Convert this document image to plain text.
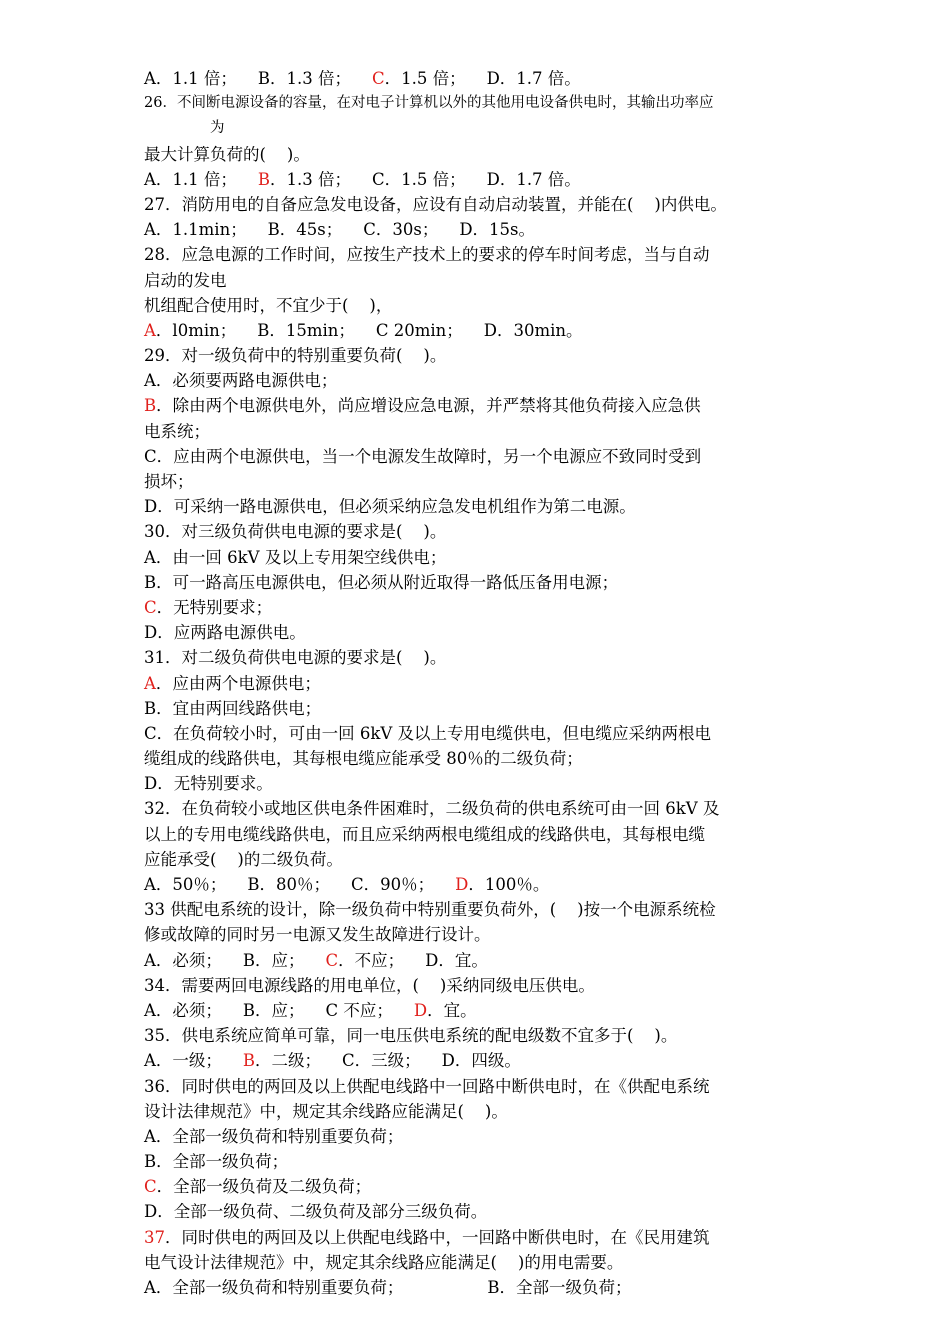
A．1.1 倍；    B．1.3 倍；    C．1.5 倍；    D．1.7 倍。
26．不间断电源设备的容量，在对电子计算机以外的其他用电设备供电时，其输出功率应
为
最大计算负荷的(    )。
A．1.1 倍；    B．1.3 倍；    C．1.5 倍；    D．1.7 倍。
27．消防用电的自备应急发电设备，应设有自动启动装置，并能在(    )内供电。
A．1.1min；    B．45s；    C．30s；    D．15s。
28．应急电源的工作时间，应按生产技术上的要求的停车时间考虑，当与自动
启动的发电
机组配合使用时，不宜少于(    )，
A．l0min；    B．15min；    C 20min；    D．30min。
29．对一级负荷中的特别重要负荷(    )。
A．必须要两路电源供电；
B．除由两个电源供电外，尚应增设应急电源，并严禁将其他负荷接入应急供
电系统；
C．应由两个电源供电，当一个电源发生故障时，另一个电源应不致同时受到
损坏；
D．可采纳一路电源供电，但必须采纳应急发电机组作为第二电源。
30．对三级负荷供电电源的要求是(    )。
A．由一回 6kV 及以上专用架空线供电；
B．可一路高压电源供电，但必须从附近取得一路低压备用电源；
C．无特别要求；
D．应两路电源供电。
31．对二级负荷供电电源的要求是(    )。
A．应由两个电源供电；
B．宜由两回线路供电；
C．在负荷较小时，可由一回 6kV 及以上专用电缆供电，但电缆应采纳两根电
缆组成的线路供电，其每根电缆应能承受 80％的二级负荷；
D．无特别要求。
32．在负荷较小或地区供电条件困难时，二级负荷的供电系统可由一回 6kV 及
以上的专用电缆线路供电，而且应采纳两根电缆组成的线路供电，其每根电缆
应能承受(    )的二级负荷。
A．50％；    B．80％；    C．90％；    D．100％。
33 供配电系统的设计，除一级负荷中特别重要负荷外，(    )按一个电源系统检
修或故障的同时另一电源又发生故障进行设计。
A．必须；    B．应；    C．不应；    D．宜。
34．需要两回电源线路的用电单位，(    )采纳同级电压供电。
A．必须；    B．应；    C 不应；    D．宜。
35．供电系统应简单可靠，同一电压供电系统的配电级数不宜多于(    )。
A．一级；    B．二级；    C．三级；    D．四级。
36．同时供电的两回及以上供配电线路中一回路中断供电时，在《供配电系统
设计法律规范》中，规定其余线路应能满足(    )。
A．全部一级负荷和特别重要负荷；
B．全部一级负荷；
C．全部一级负荷及二级负荷；
D．全部一级负荷、二级负荷及部分三级负荷。
37．同时供电的两回及以上供配电线路中，一回路中断供电时，在《民用建筑
电气设计法律规范》中，规定其余线路应能满足(    )的用电需要。
A．全部一级负荷和特别重要负荷；                B．全部一级负荷；
